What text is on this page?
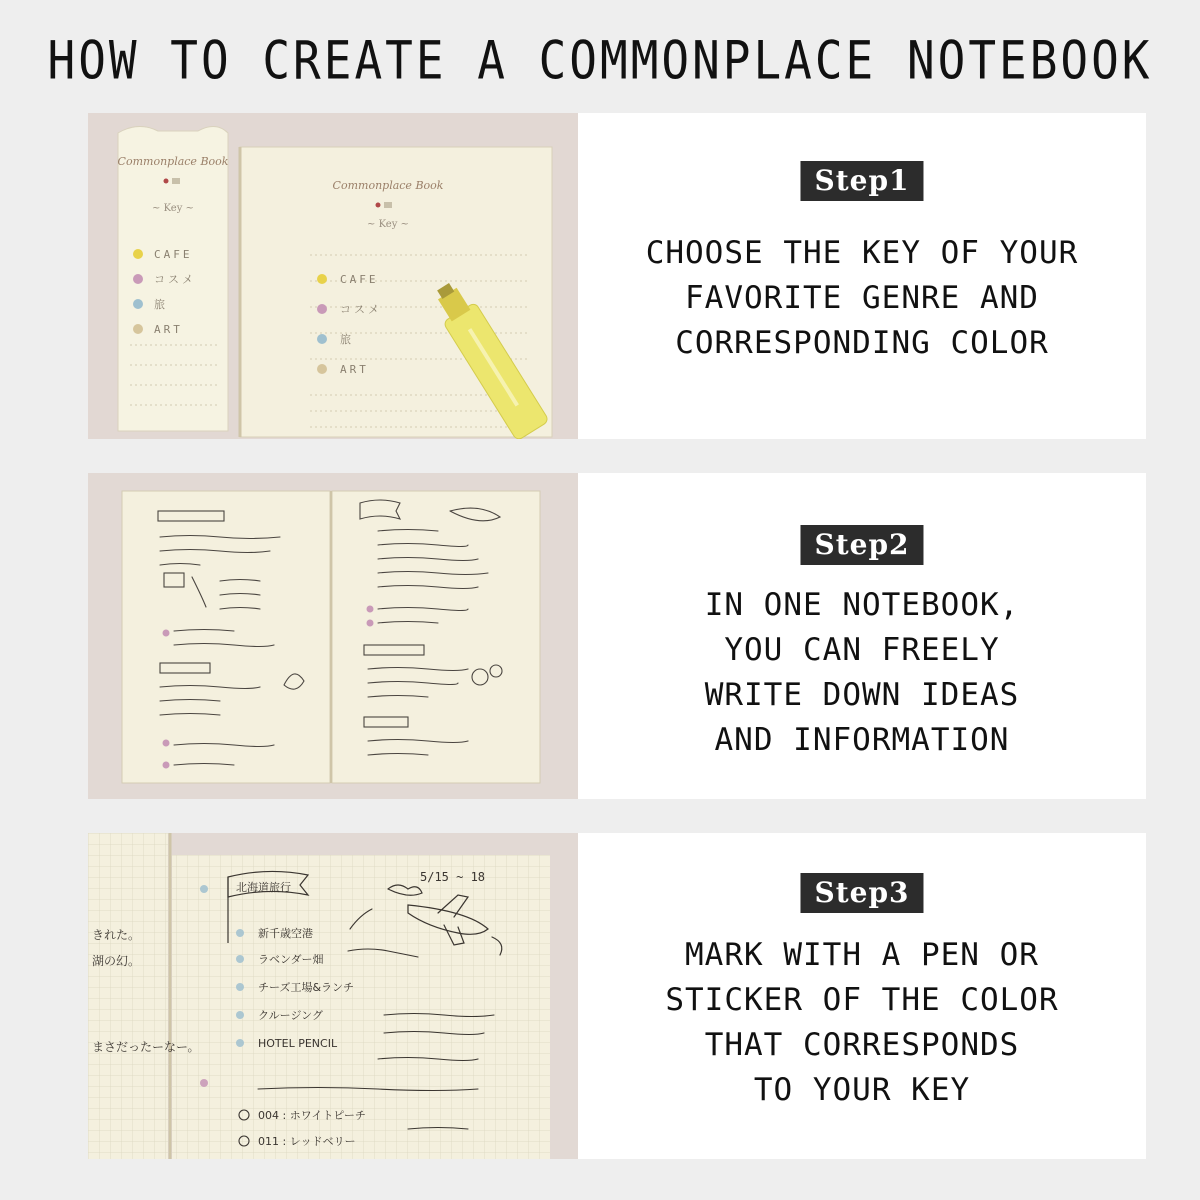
HOW TO CREATE A COMMONPLACE NOTEBOOK
Commonplace Book
~ Key ~
CAFE
コスメ
旅
ART
Commonplace Book
~ Key ~
CAFE
コスメ
旅
ART
Step1
CHOOSE THE KEY OF YOUR
FAVORITE GENRE AND
CORRESPONDING COLOR
Step2
IN ONE NOTEBOOK,
YOU CAN FREELY
WRITE DOWN IDEAS
AND INFORMATION
きれた。
湖の幻。
まさだったーなー。
北海道旅行
5/15 ~ 18
新千歳空港
ラベンダー畑
チーズ工場&ランチ
クルージング
HOTEL PENCIL
004 : ホワイトピーチ
011 : レッドベリー
Step3
MARK WITH A PEN OR
STICKER OF THE COLOR
THAT CORRESPONDS
TO YOUR KEY
